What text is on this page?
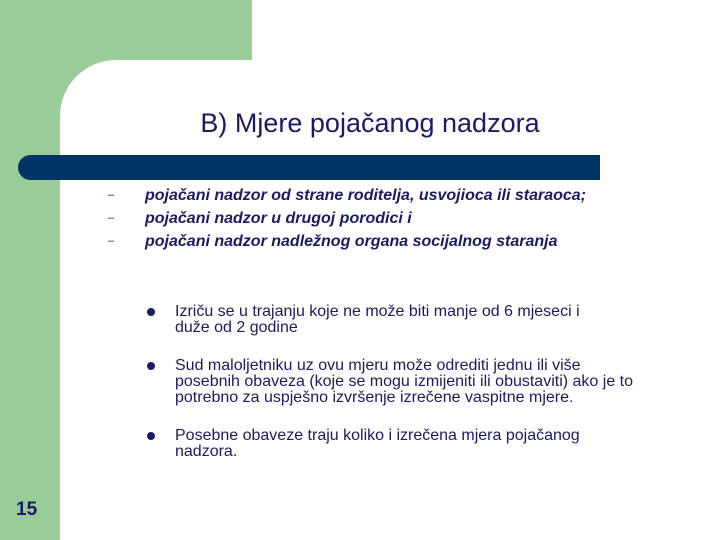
B) Mjere pojačanog nadzora
– pojačani nadzor od strane roditelja, usvojioca ili staraoca;
– pojačani nadzor u drugoj porodici i
– pojačani nadzor nadležnog organa socijalnog staranja
Izriču se u trajanju koje ne može biti manje od 6 mjeseci i duže od 2 godine
Sud maloljetniku uz ovu mjeru može odrediti jednu ili više posebnih obaveza (koje se mogu izmijeniti ili obustaviti) ako je to potrebno za uspješno izvršenje izrečene vaspitne mjere.
Posebne obaveze traju koliko i izrečena mjera pojačanog nadzora.
15
